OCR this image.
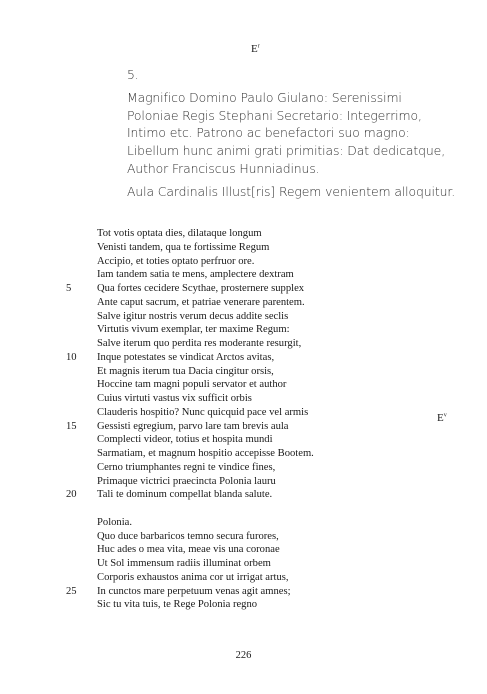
$E^r$
5.
Magnifico Domino Paulo Giulano: Serenissimi
Poloniae Regis Stephani Secretario: Integerrimo,
Intimo etc. Patrono ac benefactori suo magno:
Libellum hunc animi grati primitias: Dat dedicatque,
Author Franciscus Hunniadinus.
Aula Cardinalis Illust[ris] Regem venientem alloquitur.
Tot votis optata dies, dilataque longum
Venisti tandem, qua te fortissime Regum
Accipio, et toties optato perfruor ore.
Iam tandem satia te mens, amplectere dextram
5	Qua fortes cecidere Scythae, prosternere supplex
Ante caput sacrum, et patriae venerare parentem.
Salve igitur nostris verum decus addite seclis
Virtutis vivum exemplar, ter maxime Regum:
Salve iterum quo perdita res moderante resurgit,
10	Inque potestates se vindicat Arctos avitas,
Et magnis iterum tua Dacia cingitur orsis,
Hoccine tam magni populi servator et author
Cuius virtuti vastus vix sufficit orbis
Clauderis hospitio? Nunc quicquid pace vel armis
15	Gessisti egregium, parvo lare tam brevis aula
Complecti videor, totius et hospita mundi
Sarmatiam, et magnum hospitio accepisse Bootem.
Cerno triumphantes regni te vindice fines,
Primaque victrici praecincta Polonia lauru
20	Tali te dominum compellat blanda salute.
Polonia.
Quo duce barbaricos temno secura furores,
Huc ades o mea vita, meae vis una coronae
Ut Sol immensum radiis illuminat orbem
Corporis exhaustos anima cor ut irrigat artus,
25	In cunctos mare perpetuum venas agit amnes;
Sic tu vita tuis, te Rege Polonia regno
$E^v$
226
